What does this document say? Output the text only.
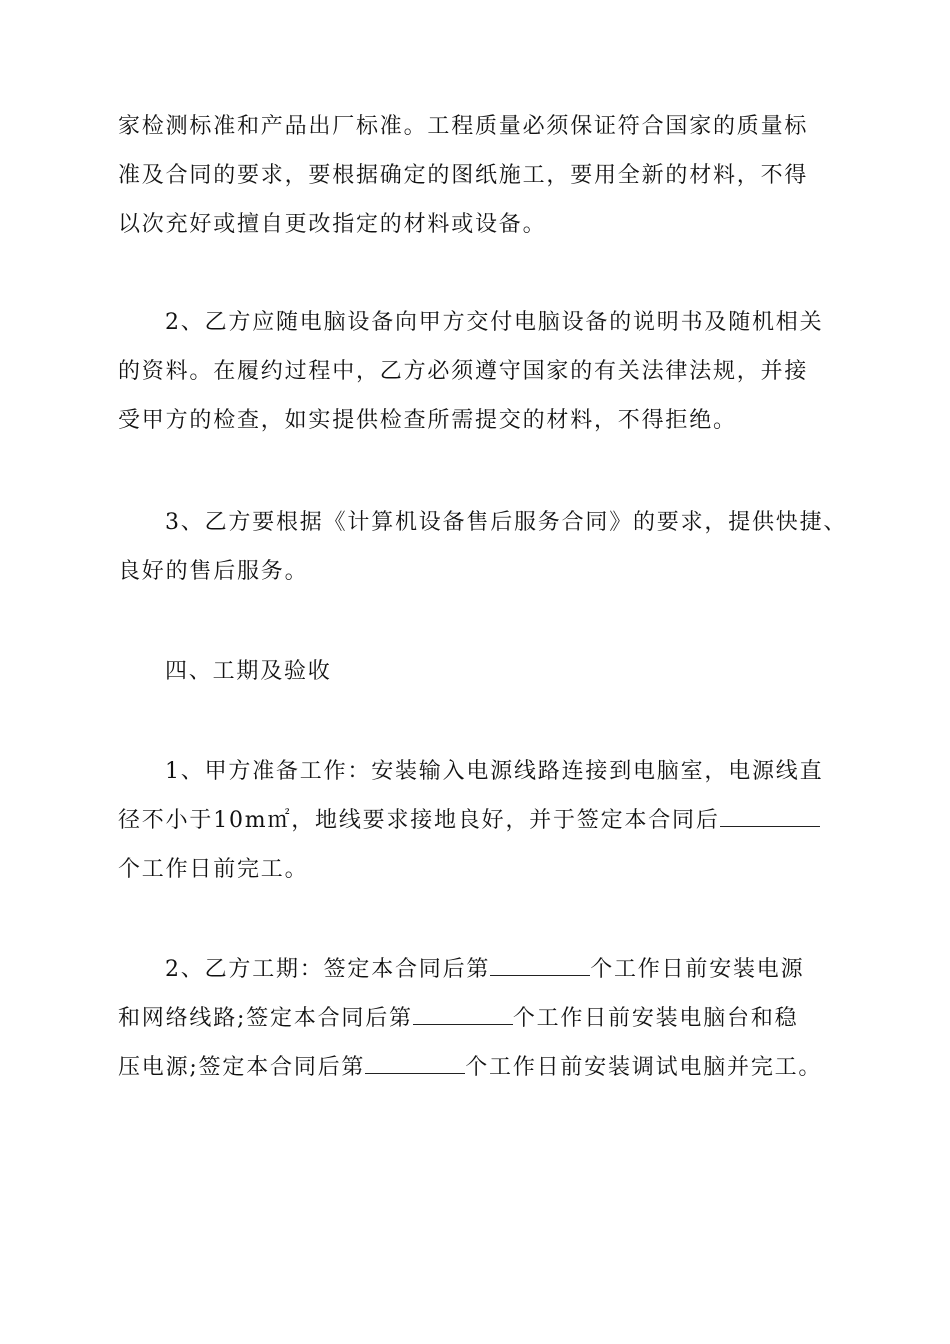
家检测标准和产品出厂标准。工程质量必须保证符合国家的质量标
准及合同的要求，要根据确定的图纸施工，要用全新的材料，不得
以次充好或擅自更改指定的材料或设备。
2、乙方应随电脑设备向甲方交付电脑设备的说明书及随机相关
的资料。在履约过程中，乙方必须遵守国家的有关法律法规，并接
受甲方的检查，如实提供检查所需提交的材料，不得拒绝。
3、乙方要根据《计算机设备售后服务合同》的要求，提供快捷、
良好的售后服务。
四、工期及验收
1、甲方准备工作：安装输入电源线路连接到电脑室，电源线直
径不小于10m㎡，地线要求接地良好，并于签定本合同后
个工作日前完工。
2、乙方工期：签定本合同后第	个工作日前安装电源
和网络线路;签定本合同后第	个工作日前安装电脑台和稳
压电源;签定本合同后第	个工作日前安装调试电脑并完工。
